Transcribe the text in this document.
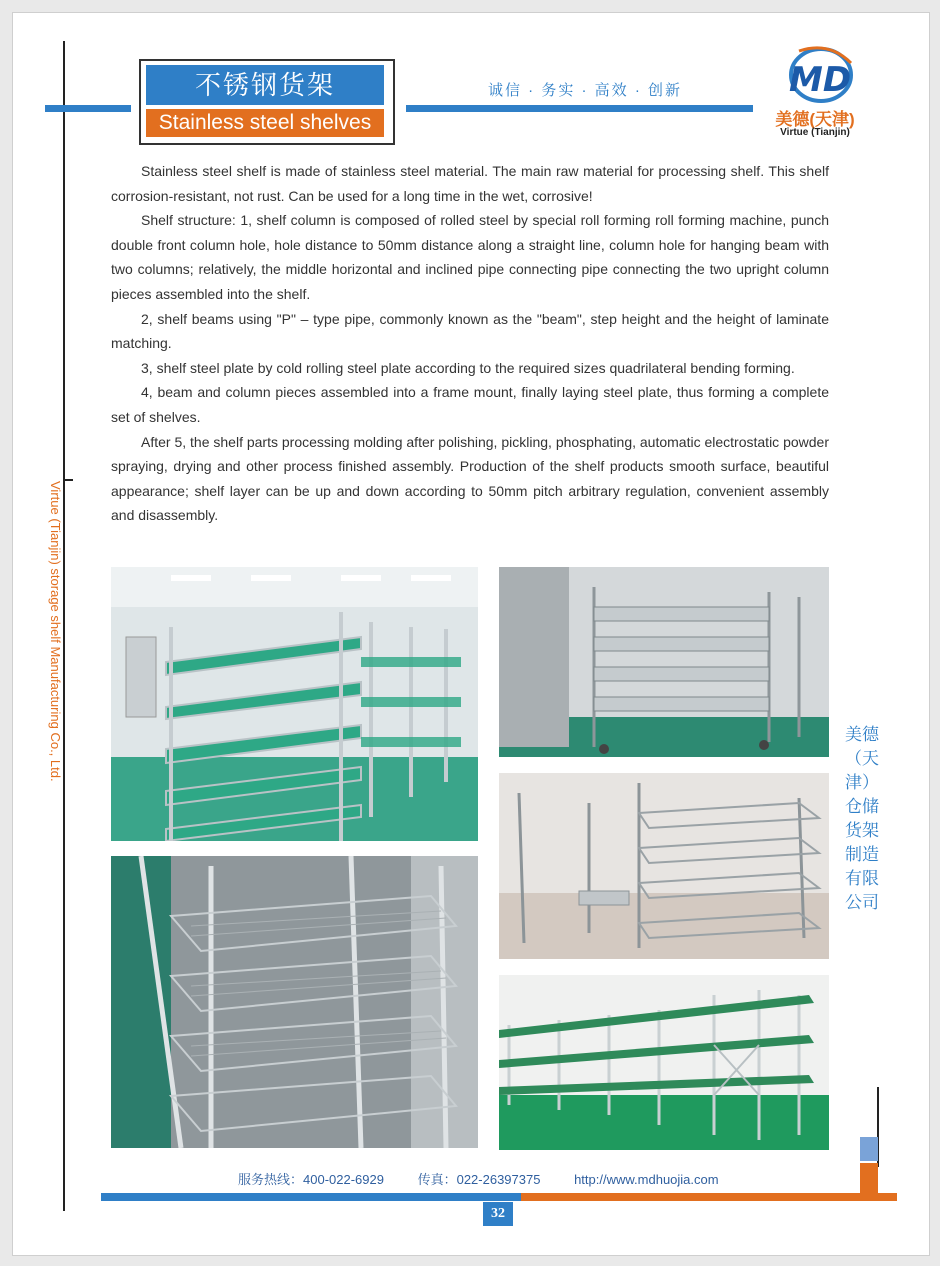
不锈钢货架
Stainless steel shelves
诚信 · 务实 · 高效 · 创新	MD
美德(天津)
Virtue (Tianjin)

Stainless steel shelf is made of stainless steel material. The main raw material for processing shelf. This shelf corrosion-resistant, not rust. Can be used for a long time in the wet, corrosive!

Shelf structure: 1, shelf column is composed of rolled steel by special roll forming roll forming machine, punch double front column hole, hole distance to 50mm distance along a straight line, column hole for hanging beam with two columns; relatively, the middle horizontal and inclined pipe connecting pipe connecting the two upright column pieces assembled into the shelf.

2, shelf beams using "P" – type pipe, commonly known as the "beam", step height and the height of laminate matching.

3, shelf steel plate by cold rolling steel plate according to the required sizes quadrilateral bending forming.

4, beam and column pieces assembled into a frame mount, finally laying steel plate, thus forming a complete set of shelves.

After 5, the shelf parts processing molding after polishing, pickling, phosphating, automatic electrostatic powder spraying, drying and other process finished assembly. Production of the shelf products smooth surface, beautiful appearance; shelf layer can be up and down according to 50mm pitch arbitrary regulation, convenient assembly and disassembly.

Virtue (Tianjin) storage shelf Manufacturing Co., Ltd.	美德（天津）仓储货架制造有限公司
服务热线：400-022-6929	传真：022-26397375	http://www.mdhuojia.com
32
